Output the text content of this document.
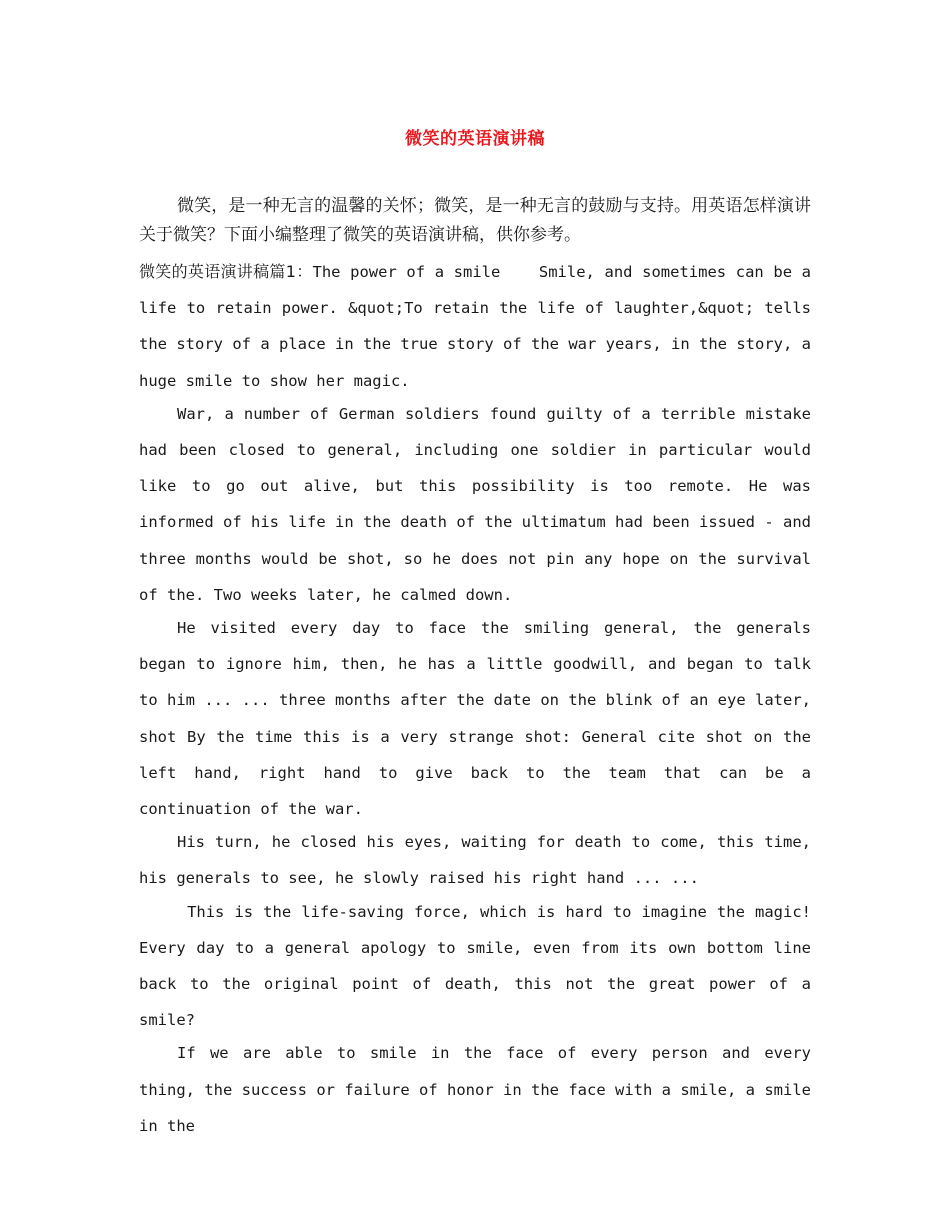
微笑的英语演讲稿

微笑，是一种无言的温馨的关怀；微笑，是一种无言的鼓励与支持。用英语怎样演讲关于微笑？下面小编整理了微笑的英语演讲稿，供你参考。

微笑的英语演讲稿篇1：The power of a smile    Smile, and sometimes can be a life to retain power. &quot;To retain the life of laughter,&quot; tells the story of a place in the true story of the war years, in the story, a huge smile to show her magic.

War, a number of German soldiers found guilty of a terrible mistake had been closed to general, including one soldier in particular would like to go out alive, but this possibility is too remote. He was informed of his life in the death of the ultimatum had been issued - and three months would be shot, so he does not pin any hope on the survival of the. Two weeks later, he calmed down.

He visited every day to face the smiling general, the generals began to ignore him, then, he has a little goodwill, and began to talk to him ... ... three months after the date on the blink of an eye later, shot By the time this is a very strange shot: General cite shot on the left hand, right hand to give back to the team that can be a continuation of the war.

His turn, he closed his eyes, waiting for death to come, this time, his generals to see, he slowly raised his right hand ... ...

This is the life-saving force, which is hard to imagine the magic! Every day to a general apology to smile, even from its own bottom line back to the original point of death, this not the great power of a smile?

If we are able to smile in the face of every person and every thing, the success or failure of honor in the face with a smile, a smile in the
